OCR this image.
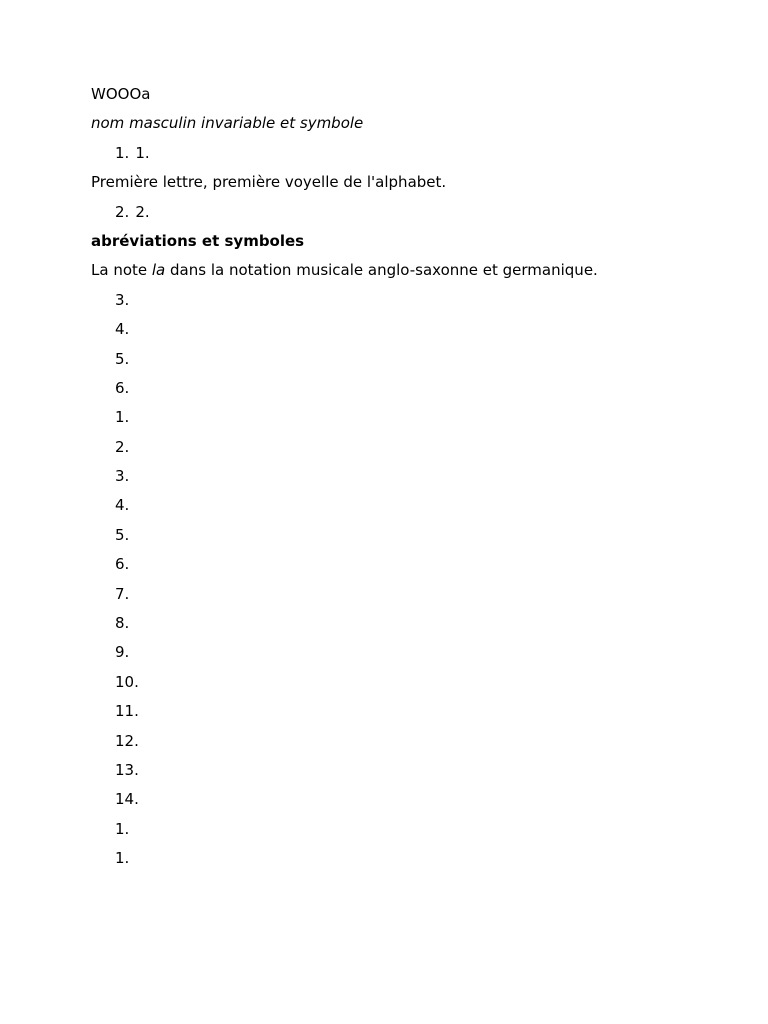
WOOOa
nom masculin invariable et symbole
1. 1.
Première lettre, première voyelle de l'alphabet.
2. 2.
abréviations et symboles
La note la dans la notation musicale anglo-saxonne et germanique.
3.
4.
5.
6.
1.
2.
3.
4.
5.
6.
7.
8.
9.
10.
11.
12.
13.
14.
1.
1.
